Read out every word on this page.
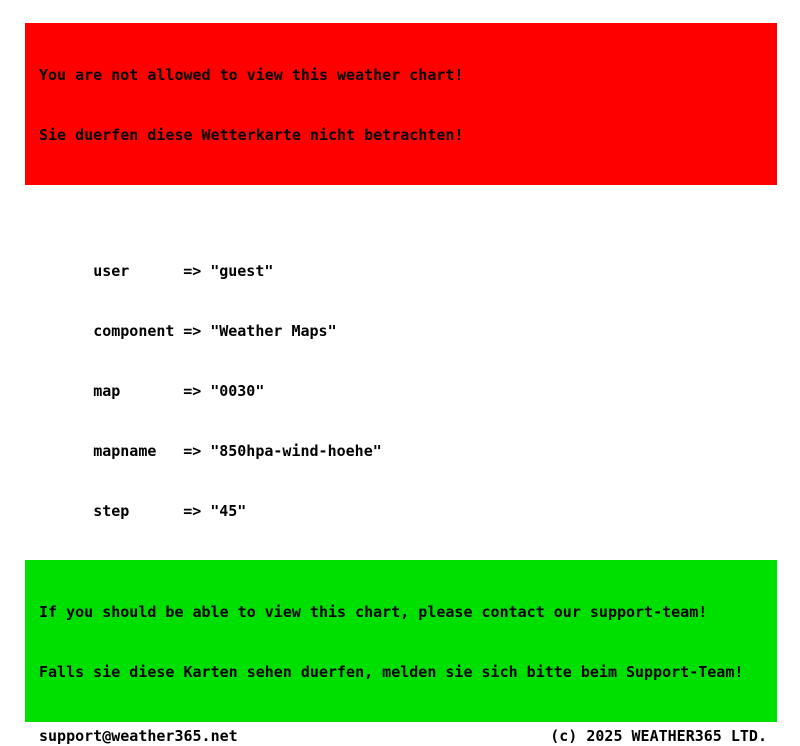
You are not allowed to view this weather chart!

Sie duerfen diese Wetterkarte nicht betrachten!

user	=> "guest"

component => "Weather Maps"

map	=> "0030"

mapname => "850hpa-wind-hoehe"

step	=> "45"

If you should be able to view this chart, please contact our support-team!

Falls sie diese Karten sehen duerfen, melden sie sich bitte beim Support-Team!

support@weather365.net	(c) 2025 WEATHER365 LTD.
